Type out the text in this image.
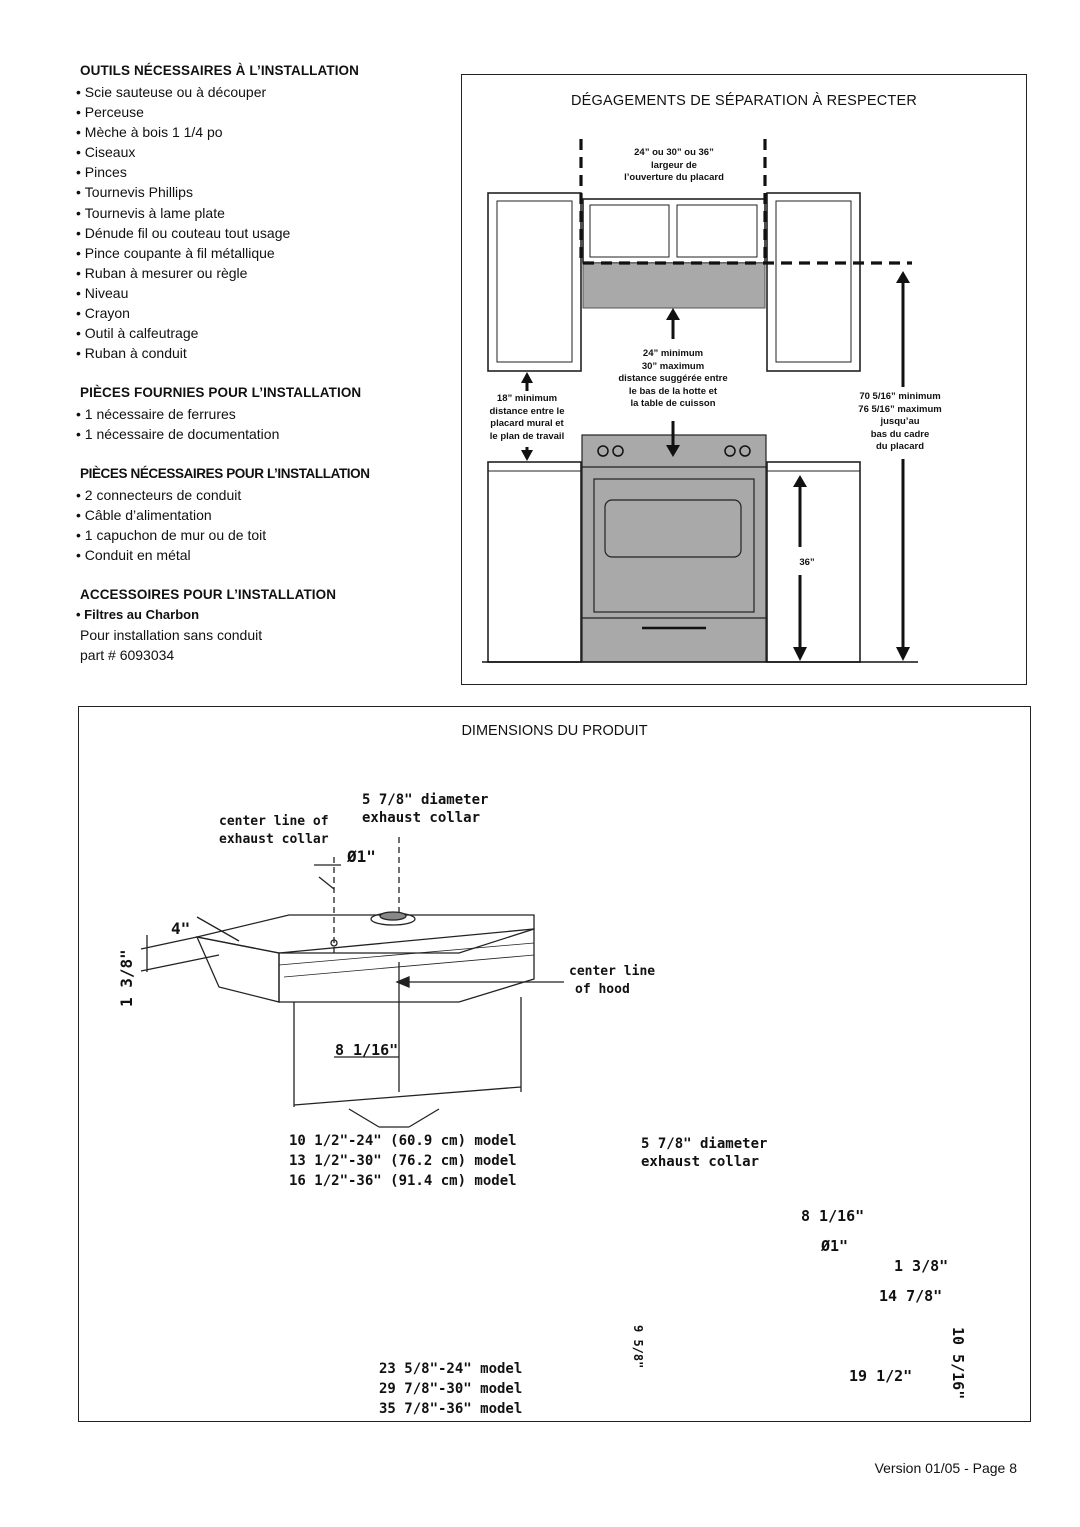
OUTILS NÉCESSAIRES À L’INSTALLATION
• Scie sauteuse ou à découper
• Perceuse
• Mèche à bois 1 1/4 po
• Ciseaux
• Pinces
• Tournevis Phillips
• Tournevis à lame plate
• Dénude fil ou couteau tout usage
• Pince coupante à fil métallique
• Ruban à mesurer ou règle
• Niveau
• Crayon
• Outil à calfeutrage
• Ruban à conduit
PIÈCES FOURNIES POUR L’INSTALLATION
• 1 nécessaire de ferrures
• 1 nécessaire de documentation
PIÈCES NÉCESSAIRES POUR L’INSTALLATION
• 2 connecteurs de conduit
• Câble d’alimentation
• 1 capuchon de mur ou de toit
• Conduit en métal
ACCESSOIRES POUR L’INSTALLATION
• Filtres au Charbon
Pour installation sans conduit
part # 6093034
DÉGAGEMENTS DE SÉPARATION À RESPECTER
24” ou 30” ou 36”
largeur de
l’ouverture du placard
24” minimum
30” maximum
distance suggérée entre
le bas de la hotte et
la table de cuisson
18” minimum
distance entre le
placard mural et
le plan de travail
70 5/16” minimum
76 5/16” maximum
jusqu’au
bas du cadre
du placard
36”
DIMENSIONS DU PRODUIT
5 7/8" diameter
exhaust collar
center line of
exhaust collar
Ø1"
4"
1 3/8"	center line
of hood
8 1/16"
10 1/2"-24" (60.9 cm) model
13 1/2"-30" (76.2 cm) model
16 1/2"-36" (91.4 cm) model
5 7/8" diameter
exhaust collar
8 1/16"
Ø1"
1 3/8"
14 7/8"
10 5/16"
9 5/8"
19 1/2"
23 5/8"-24" model
29 7/8"-30" model
35 7/8"-36" model
Version 01/05 - Page 8
